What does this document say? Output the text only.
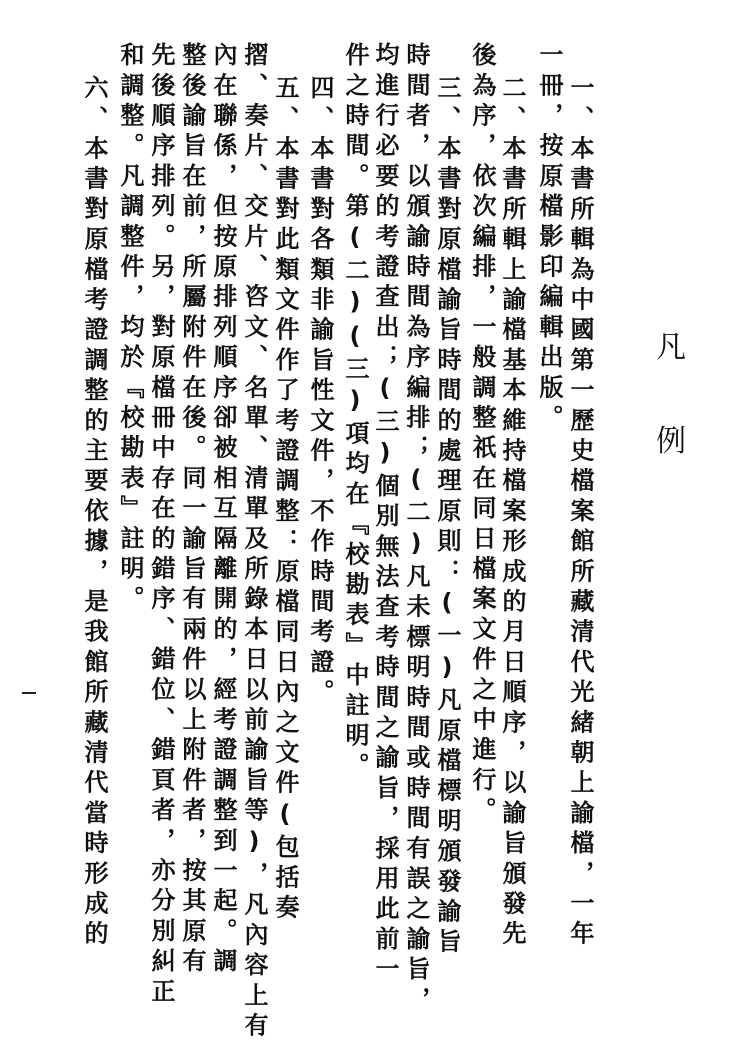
凡
例
一、本書所輯為中國第一歷史檔案館所藏清代光緒朝上諭檔，一年
一冊，按原檔影印編輯出版。
二、本書所輯上諭檔基本維持檔案形成的月日順序，以諭旨頒發先
後為序，依次編排，一般調整祇在同日檔案文件之中進行。
三、本書對原檔諭旨時間的處理原則：(一)凡原檔標明頒發諭旨
時間者，以頒諭時間為序編排；(二)凡未標明時間或時間有誤之諭旨，
均進行必要的考證查出；(三)個別無法查考時間之諭旨，採用此前一
件之時間。第(二)(三)項均在『校勘表』中註明。
四、本書對各類非諭旨性文件，不作時間考證。
五、本書對此類文件作了考證調整：原檔同日內之文件(包括奏
摺、奏片、交片、咨文、名單、清單及所錄本日以前諭旨等)，凡內容上有
內在聯係，但按原排列順序卻被相互隔離開的，經考證調整到一起。調
整後諭旨在前，所屬附件在後。同一諭旨有兩件以上附件者，按其原有
先後順序排列。另，對原檔冊中存在的錯序、錯位、錯頁者，亦分別糾正
和調整。凡調整件，均於『校勘表』註明。
六、本書對原檔考證調整的主要依據，是我館所藏清代當時形成的
